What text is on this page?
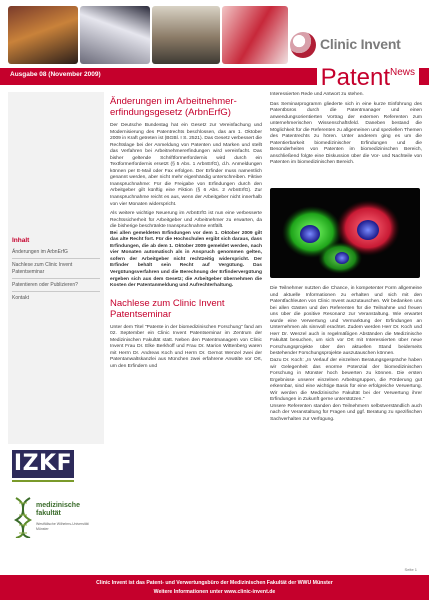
Clinic Invent
Ausgabe 08 (November 2009)	Patent$^{News}$
Inhalt
Änderungen im ArbnErfG
Nachlese zum Clinic Invent Patentseminar
Patentieren oder Publizieren?
Kontakt
IZKF
medizinische fakultät
Westfälische Wilhelms-Universität Münster
Änderungen im Arbeitnehmer-erfindungsgesetz (ArbnErfG)
Der Deutsche Bundestag hat ein Gesetz zur Vereinfachung und Modernisierung des Patentrechts beschlossen, das am 1. Oktober 2009 in Kraft getreten ist (BGBl. I S. 2521). Das Gesetz verbessert die Rechtslage bei der Anmeldung von Patenten und Marken und stellt das Verfahren bei Arbeitnehmererfindungen wird vereinfacht. Das bisher geltende Schriftformerfordernis wird durch ein Textformerfordernis ersetzt (§ 5 Abs. 1 ArbnErfG), d.h. Anmeldungen können per E-Mail oder Fax erfolgen. Der Erfinder muss namentlich genannt werden, aber nicht mehr eigenhändig unterschreiben. Fiktive Inanspruchnahme: Für die Freigabe von Erfindungen durch den Arbeitgeber gilt künftig eine Fiktion (§ 6 Abs. 2 ArbnErfG). Zur Inanspruchnahme reicht es aus, wenn der Arbeitgeber nicht innerhalb von vier Monaten widerspricht.
Als weitere wichtige Neuerung im ArbnErfG ist nun eine verbesserte Rechtssicherheit für Arbeitgeber und Arbeitnehmer zu erwarten, da die bisherige beschränkte Inanspruchnahme entfällt.
Bei allen gemeldeten Erfindungen vor dem 1. Oktober 2009 gilt das alte Recht fort. Für die Hochschulen ergibt sich daraus, dass Erfindungen, die ab dem 1. Oktober 2009 gemeldet werden, nach vier Monaten automatisch als in Anspruch genommen gelten, sofern der Arbeitgeber nicht rechtzeitig widerspricht. Der Erfinder behält sein Recht auf Vergütung. Das Vergütungsverfahren und die Berechnung der Erfindervergütung ergeben sich aus dem Gesetz; die Arbeitgeber übernehmen die Kosten der Patentanmeldung und Aufrechterhaltung.
Nachlese zum Clinic Invent Patentseminar
Unter dem Titel "Patente in der biomedizinischen Forschung" fand am 02. September ein Clinic Invent Patentseminar im Zentrum der Medizinischen Fakultät statt. Neben den Patentmanagern von Clinic Invent Frau Dr. Elke Berkhoff und Frau Dr. Marion Wittenberg waren mit Herrn Dr. Andreas Koch und Herrn Dr. Gernot Wenzel zwei der Patentanwaltskanzlei aus München zwei erfahrene Anwälte vor Ort, um den Erfindern und
Interessierten Rede und Antwort zu stehen.
Das Seminarprogramm gliederte sich in eine kurze Einführung des Patentbüros durch die Patentmanager und einen anwendungsorientierten Vortrag der externen Referenten zum unternehmerischen Wissenschaftsfeld. Daneben bestand die Möglichkeit für die Referenten zu allgemeinen und speziellen Themen des Patentrechts zu hören. Unter anderem ging es um die Patentierbarkeit biomedizinischer Erfindungen und die Besonderheiten von Patenten im biomedizinischen Bereich, anschließend folgte eine Diskussion über die Vor- und Nachteile von Patenten im biomedizinischen Bereich.
Die Teilnehmer nutzten die Chance, in kompetenter Form allgemeine und aktuelle Informationen zu erhalten und sich mit den Patentfachleuten von Clinic Invent auszutauschen. Wir bedanken uns bei allen Gästen und den Referenten für die Teilnahme und freuen uns über die positive Resonanz zur Veranstaltung. Wie erwartet wurde eine Verwertung und Vermarktung der Erfindungen an Unternehmen als sinnvoll erachtet. Zudem werden Herr Dr. Koch und Herr Dr. Wenzel auch in regelmäßigen Abständen die Medizinische Fakultät besuchen, um sich vor Ort mit Interessierten über neue Forschungsprojekte über den aktuellen Stand beiderseits bestehender Forschungsprojekte auszutauschen können.
Dazu Dr. Koch: „In Verlauf der einzelnen Beratungsgespräche haben wir Gelegenheit das enorme Potenzial der biomedizinischen Forschung in Münster hoch bewerten zu können. Die ersten Ergebnisse unserer einzelnen Arbeitsgruppen, die Förderung gut erkennbar, sind eine wichtige Basis für eine erfolgreiche Verwertung. Wir werden die Medizinische Fakultät bei der Verwertung ihrer Erfindungen in Zukunft gerne unterstützen."
Unsere Referenten standen den Teilnehmern selbstverständlich auch nach der Veranstaltung für Fragen und ggf. Beratung zu spezifischen Sachverhalten zur Verfügung.
Seite 1
Clinic Invent ist das Patent- und Verwertungsbüro der Medizinischen Fakultät der WWU Münster
Weitere Informationen unter www.clinic-invent.de
